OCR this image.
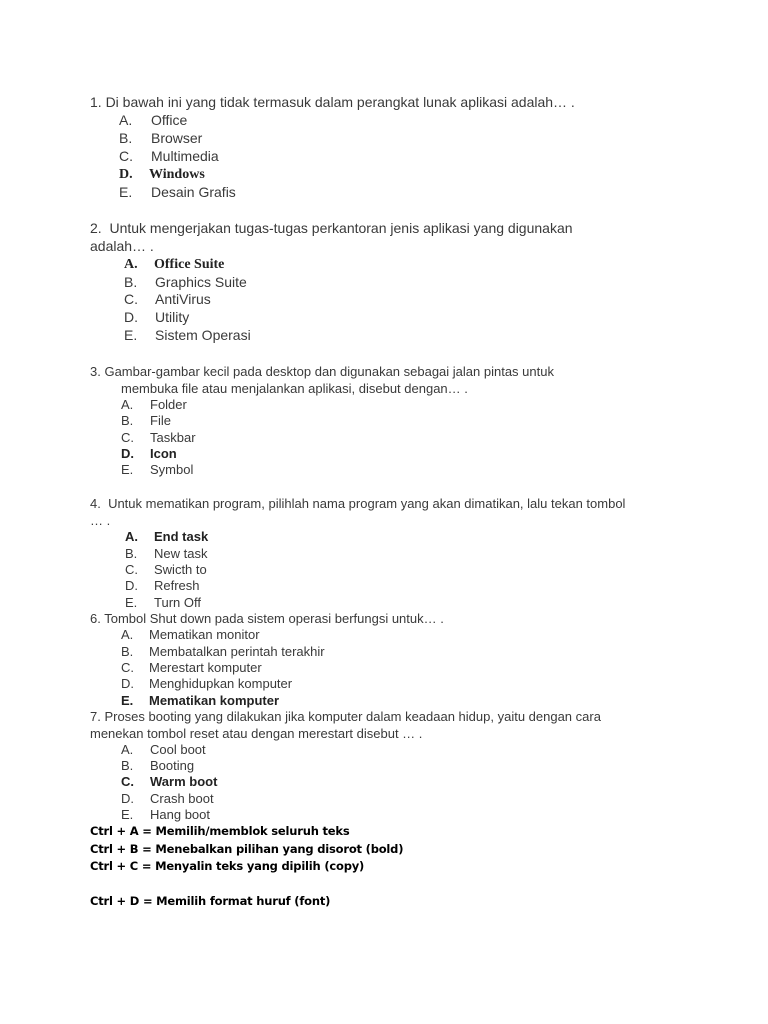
1. Di bawah ini yang tidak termasuk dalam perangkat lunak aplikasi adalah… .
A. Office
B. Browser
C. Multimedia
D. Windows
E. Desain Grafis
2.  Untuk mengerjakan tugas-tugas perkantoran jenis aplikasi yang digunakan
adalah… .
A. Office Suite
B. Graphics Suite
C. AntiVirus
D. Utility
E. Sistem Operasi
3. Gambar-gambar kecil pada desktop dan digunakan sebagai jalan pintas untuk
membuka file atau menjalankan aplikasi, disebut dengan… .
A. Folder
B. File
C. Taskbar
D. Icon
E. Symbol
4.  Untuk mematikan program, pilihlah nama program yang akan dimatikan, lalu tekan tombol
… .
A. End task
B. New task
C. Swicth to
D. Refresh
E. Turn Off
6. Tombol Shut down pada sistem operasi berfungsi untuk… .
A. Mematikan monitor
B. Membatalkan perintah terakhir
C. Merestart komputer
D. Menghidupkan komputer
E. Mematikan komputer
7. Proses booting yang dilakukan jika komputer dalam keadaan hidup, yaitu dengan cara
menekan tombol reset atau dengan merestart disebut … .
A. Cool boot
B. Booting
C. Warm boot
D. Crash boot
E. Hang boot
Ctrl + A = Memilih/memblok seluruh teks
Ctrl + B = Menebalkan pilihan yang disorot (bold)
Ctrl + C = Menyalin teks yang dipilih (copy)
Ctrl + D = Memilih format huruf (font)
